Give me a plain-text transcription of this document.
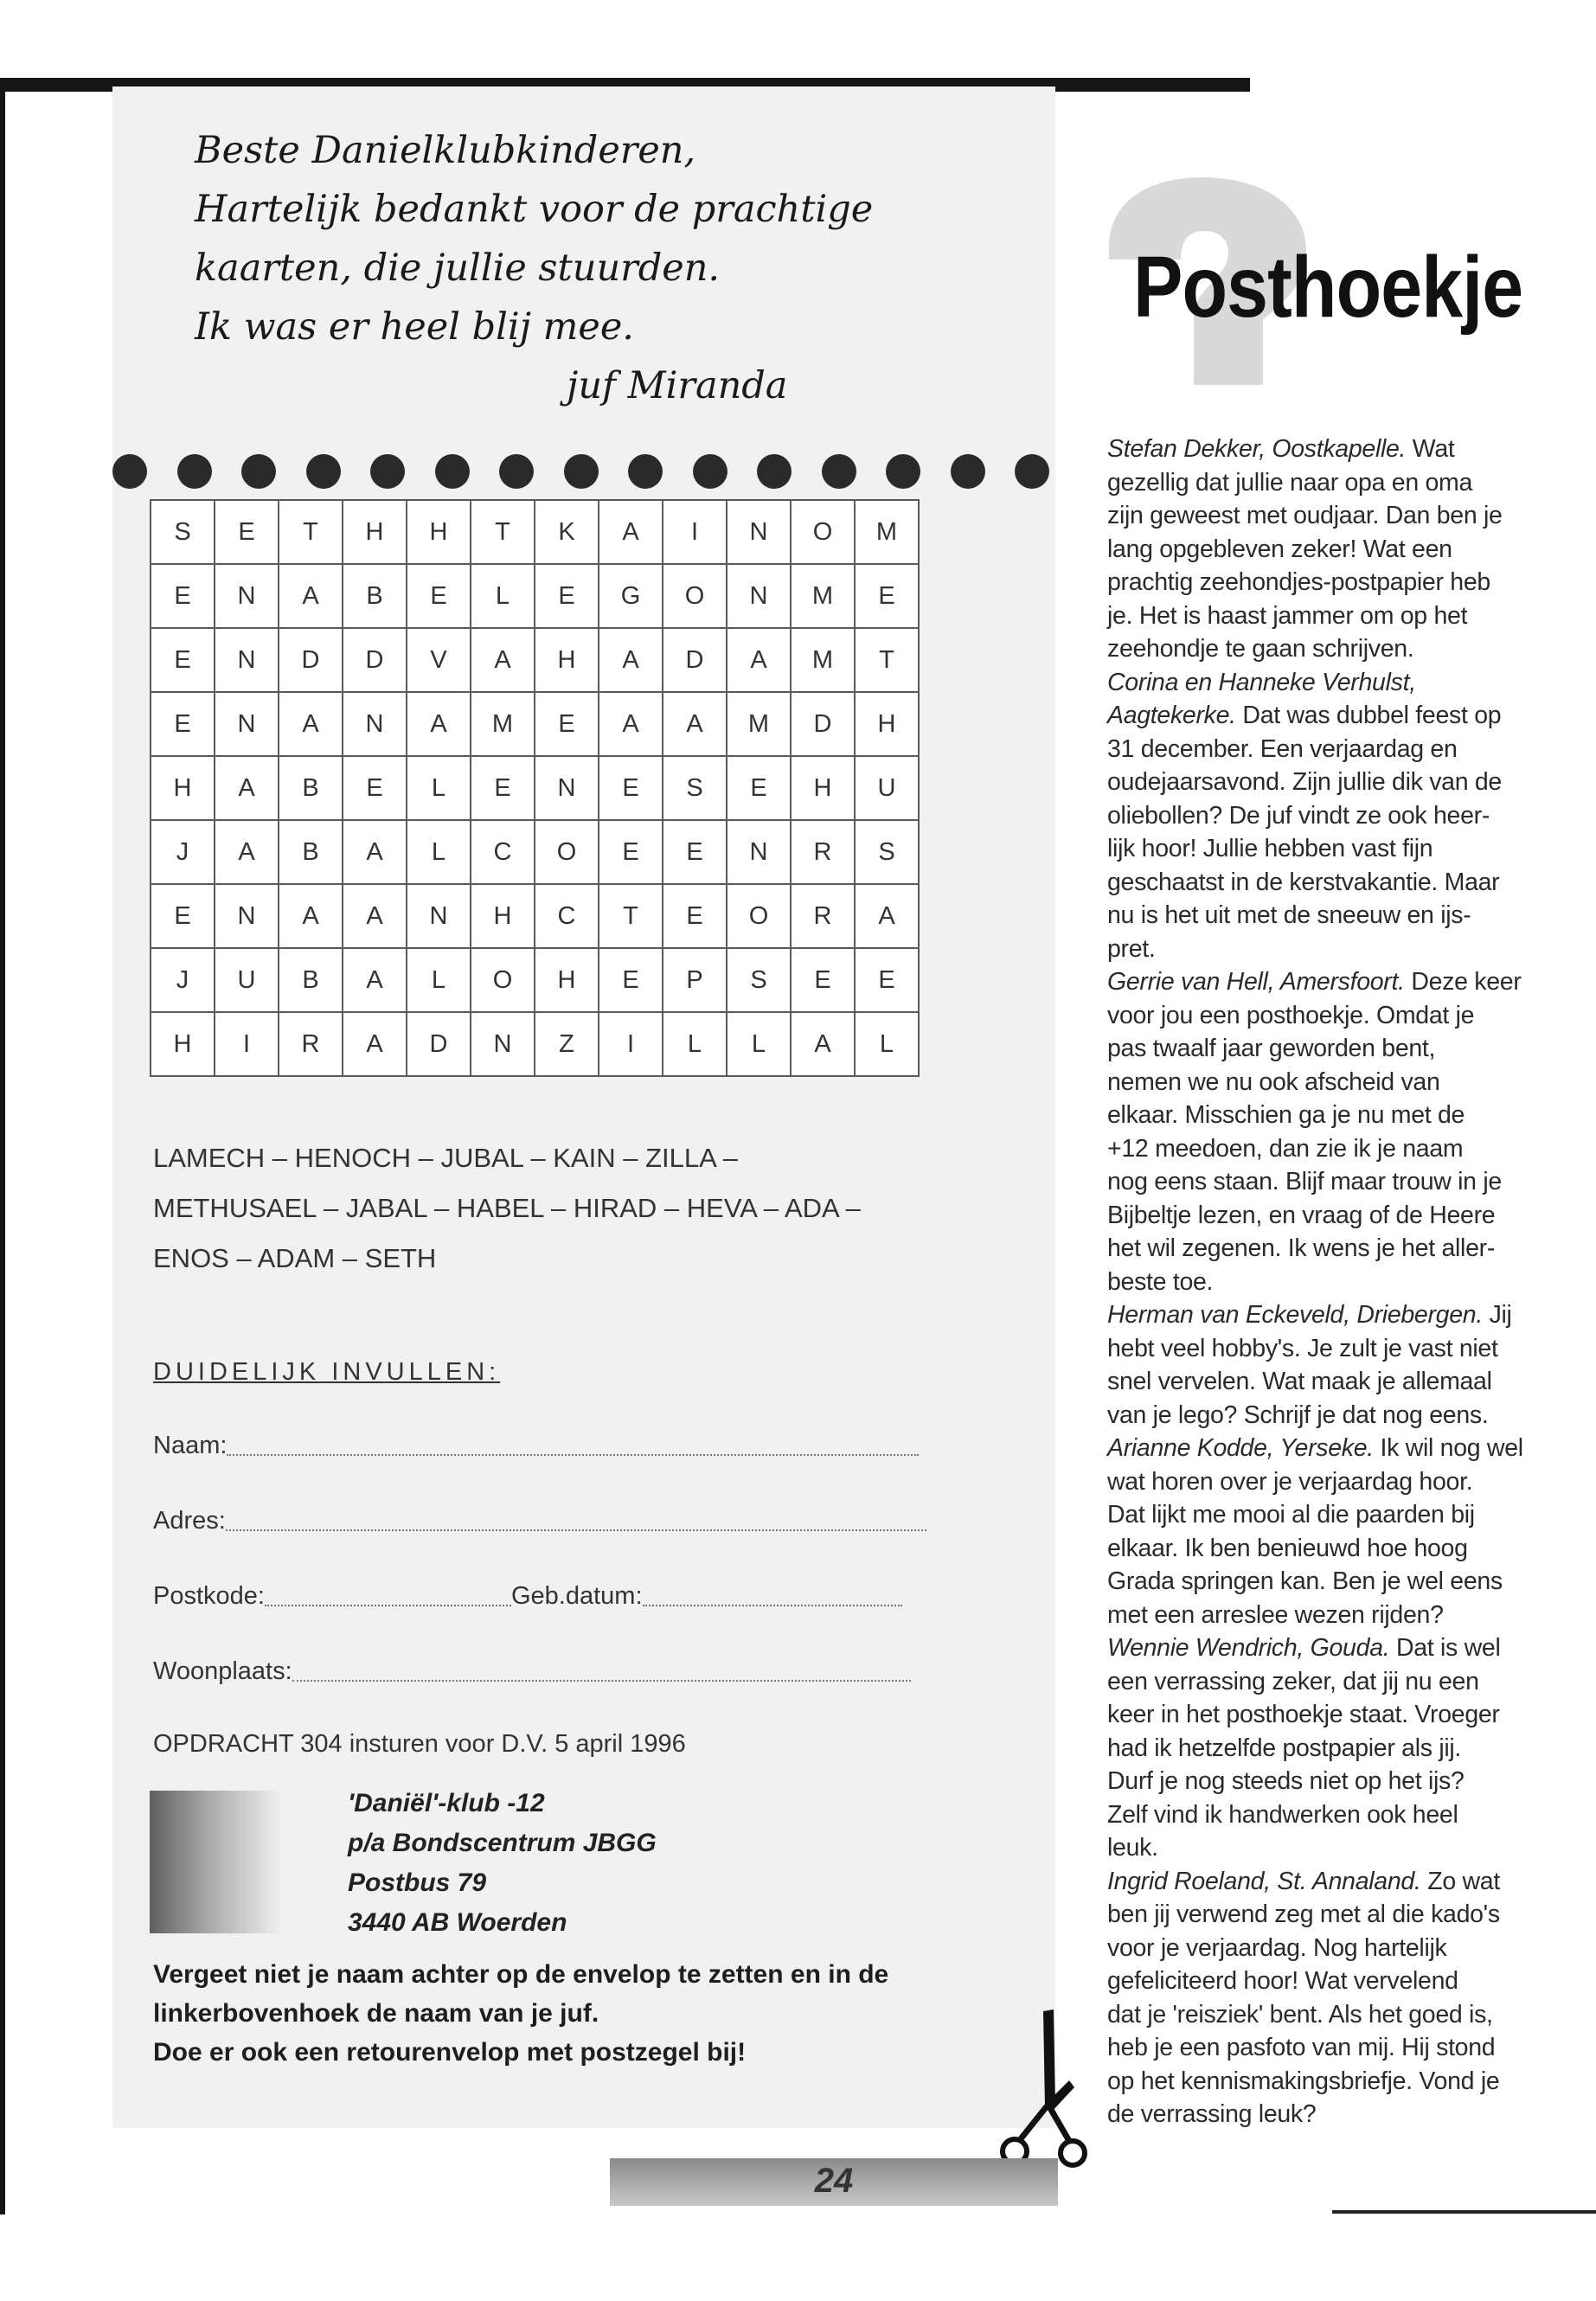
Beste Danielklubkinderen,
Hartelijk bedankt voor de prachtige
kaarten, die jullie stuurden.
Ik was er heel blij mee.
juf Miranda
S	E	T	H	H	T	K	A	I	N	O	M
E	N	A	B	E	L	E	G	O	N	M	E
E	N	D	D	V	A	H	A	D	A	M	T
E	N	A	N	A	M	E	A	A	M	D	H
H	A	B	E	L	E	N	E	S	E	H	U
J	A	B	A	L	C	O	E	E	N	R	S
E	N	A	A	N	H	C	T	E	O	R	A
J	U	B	A	L	O	H	E	P	S	E	E
H	I	R	A	D	N	Z	I	L	L	A	L
LAMECH – HENOCH – JUBAL – KAIN – ZILLA –
METHUSAEL – JABAL – HABEL – HIRAD – HEVA – ADA –
ENOS – ADAM – SETH
DUIDELIJK INVULLEN:
Naam:
Adres:
Postkode:	Geb.datum:
Woonplaats:
OPDRACHT 304 insturen voor D.V. 5 april 1996
'Daniël'-klub -12
p/a Bondscentrum JBGG
Postbus 79
3440 AB Woerden
Vergeet niet je naam achter op de envelop te zetten en in de
linkerbovenhoek de naam van je juf.
Doe er ook een retourenvelop met postzegel bij!
24
Posthoekje
Stefan Dekker, Oostkapelle. Wat
gezellig dat jullie naar opa en oma
zijn geweest met oudjaar. Dan ben je
lang opgebleven zeker! Wat een
prachtig zeehondjes-postpapier heb
je. Het is haast jammer om op het
zeehondje te gaan schrijven.
Corina en Hanneke Verhulst,
Aagtekerke. Dat was dubbel feest op
31 december. Een verjaardag en
oudejaarsavond. Zijn jullie dik van de
oliebollen? De juf vindt ze ook heer-
lijk hoor! Jullie hebben vast fijn
geschaatst in de kerstvakantie. Maar
nu is het uit met de sneeuw en ijs-
pret.
Gerrie van Hell, Amersfoort. Deze keer
voor jou een posthoekje. Omdat je
pas twaalf jaar geworden bent,
nemen we nu ook afscheid van
elkaar. Misschien ga je nu met de
+12 meedoen, dan zie ik je naam
nog eens staan. Blijf maar trouw in je
Bijbeltje lezen, en vraag of de Heere
het wil zegenen. Ik wens je het aller-
beste toe.
Herman van Eckeveld, Driebergen. Jij
hebt veel hobby's. Je zult je vast niet
snel vervelen. Wat maak je allemaal
van je lego? Schrijf je dat nog eens.
Arianne Kodde, Yerseke. Ik wil nog wel
wat horen over je verjaardag hoor.
Dat lijkt me mooi al die paarden bij
elkaar. Ik ben benieuwd hoe hoog
Grada springen kan. Ben je wel eens
met een arreslee wezen rijden?
Wennie Wendrich, Gouda. Dat is wel
een verrassing zeker, dat jij nu een
keer in het posthoekje staat. Vroeger
had ik hetzelfde postpapier als jij.
Durf je nog steeds niet op het ijs?
Zelf vind ik handwerken ook heel
leuk.
Ingrid Roeland, St. Annaland. Zo wat
ben jij verwend zeg met al die kado's
voor je verjaardag. Nog hartelijk
gefeliciteerd hoor! Wat vervelend
dat je 'reisziek' bent. Als het goed is,
heb je een pasfoto van mij. Hij stond
op het kennismakingsbriefje. Vond je
de verrassing leuk?
